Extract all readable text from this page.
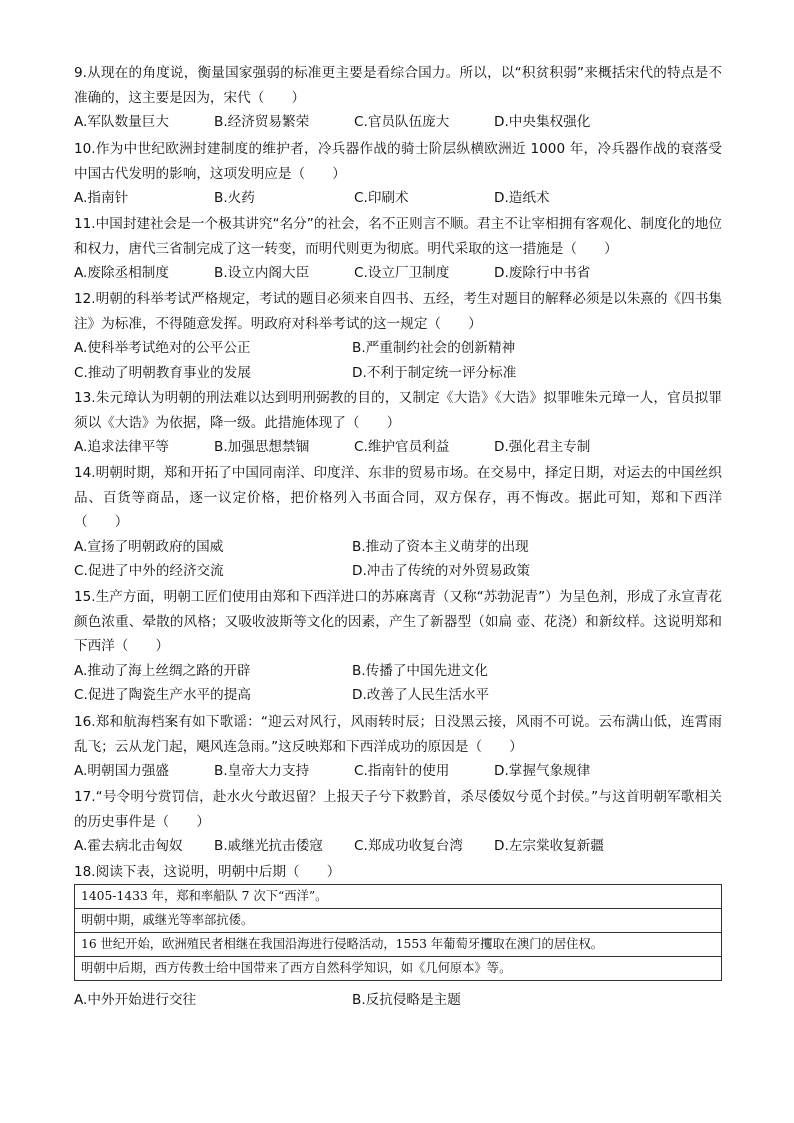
9.从现在的角度说，衡量国家强弱的标准更主要是看综合国力。所以，以“积贫积弱”来概括宋代的特点是不准确的，这主要是因为，宋代（　　）

A.军队数量巨大	B.经济贸易繁荣	C.官员队伍庞大	D.中央集权强化

10.作为中世纪欧洲封建制度的维护者，冷兵器作战的骑士阶层纵横欧洲近 1000 年，冷兵器作战的衰落受中国古代发明的影响，这项发明应是（　　）

A.指南针	B.火药	C.印刷术	D.造纸术

11.中国封建社会是一个极其讲究“名分”的社会，名不正则言不顺。君主不让宰相拥有客观化、制度化的地位和权力，唐代三省制完成了这一转变，而明代则更为彻底。明代采取的这一措施是（　　）

A.废除丞相制度	B.设立内阁大臣	C.设立厂卫制度	D.废除行中书省

12.明朝的科举考试严格规定，考试的题目必须来自四书、五经，考生对题目的解释必须是以朱熹的《四书集注》为标准，不得随意发挥。明政府对科举考试的这一规定（　　）

A.使科举考试绝对的公平公正	B.严重制约社会的创新精神
C.推动了明朝教育事业的发展	D.不利于制定统一评分标准

13.朱元璋认为明朝的刑法难以达到明刑弼教的目的，又制定《大诰》《大诰》拟罪唯朱元璋一人，官员拟罪须以《大诰》为依据，降一级。此措施体现了（　　）

A.追求法律平等	B.加强思想禁锢	C.维护官员利益	D.强化君主专制

14.明朝时期，郑和开拓了中国同南洋、印度洋、东非的贸易市场。在交易中，择定日期，对运去的中国丝织品、百货等商品，逐一议定价格，把价格列入书面合同，双方保存，再不悔改。据此可知，郑和下西洋（　　）

A.宣扬了明朝政府的国威	B.推动了资本主义萌芽的出现
C.促进了中外的经济交流	D.冲击了传统的对外贸易政策

15.生产方面，明朝工匠们使用由郑和下西洋进口的苏麻离青（又称“苏勃泥青”）为呈色剂，形成了永宣青花颜色浓重、晕散的风格；又吸收波斯等文化的因素，产生了新器型（如扁 壶、花浇）和新纹样。这说明郑和下西洋（　　）

A.推动了海上丝绸之路的开辟	B.传播了中国先进文化
C.促进了陶瓷生产水平的提高	D.改善了人民生活水平

16.郑和航海档案有如下歌谣：“迎云对风行，风雨转时辰；日没黑云接，风雨不可说。云布满山低，连霄雨乱飞；云从龙门起，飓风连急雨。”这反映郑和下西洋成功的原因是（　　）

A.明朝国力强盛	B.皇帝大力支持	C.指南针的使用	D.掌握气象规律

17.“号令明兮赏罚信，赴水火兮敢迟留？上报天子兮下救黔首，杀尽倭奴兮觅个封侯。”与这首明朝军歌相关的历史事件是（　　）

A.霍去病北击匈奴	B.戚继光抗击倭寇	C.郑成功收复台湾	D.左宗棠收复新疆

18.阅读下表，这说明，明朝中后期（　　）

1405-1433 年，郑和率船队 7 次下“西洋”。
明朝中期，戚继光等率部抗倭。
16 世纪开始，欧洲殖民者相继在我国沿海进行侵略活动，1553 年葡萄牙攫取在澳门的居住权。
明朝中后期，西方传教士给中国带来了西方自然科学知识，如《几何原本》等。
A.中外开始进行交往	B.反抗侵略是主题
